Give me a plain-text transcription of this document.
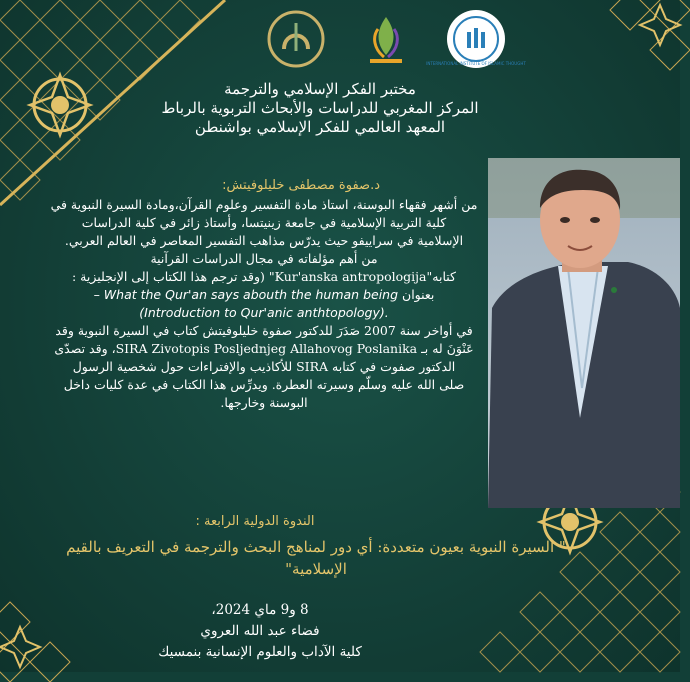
INTERNATIONAL INSTITUTE OF ISLAMIC THOUGHT
مختبر الفكر الإسلامي والترجمة
المركز المغربي للدراسات والأبحاث التربوية بالرباط
المعهد العالمي للفكر الإسلامي بواشنطن
د.صفوة مصطفى خليلوفيتش:

من أشهر فقهاء البوسنة، استاذ مادة التفسير وعلوم القرآن،ومادة السيرة النبوية في

كلية التربية الإسلامية في جامعة زينيتسا، وأستاذ زائر في كلية الدراسات

الإسلامية في سراييفو حيث يدرّس مذاهب التفسير المعاصر في العالم العربي.

من أهم مؤلفاته في مجال الدراسات القرآنية

كتابه"Kur'anska antropologija" (وقد ترجم هذا الكتاب إلى الإنجليزية :

بعنوان What the Qur'an says abouth the human being –

(Introduction to Qur'anic anthtopology).

في أواخر سنة 2007 صَدَرَ للدكتور صفوة خليلوفيتش كتاب في السيرة النبوية وقد

عَنْوَنَ له بـ SIRA Zivotopis Posljednjeg Allahovog Poslanika، وقد تصدّى

الدكتور صفوت في كتابه SIRA للأكاذيب والإفتراءات حول شخصية الرسول

صلى الله عليه وسلّم وسيرته العطرة. ويدرِّس هذا الكتاب في عدة كليات داخل

البوسنة وخارجها.

الندوة الدولية الرابعة :
" السيرة النبوية بعيون متعددة: أي دور لمناهج البحث والترجمة في التعريف بالقيم
الإسلامية"
8 و9 ماي 2024،
فضاء عبد الله العروي
كلية الآداب والعلوم الإنسانية بنمسيك
